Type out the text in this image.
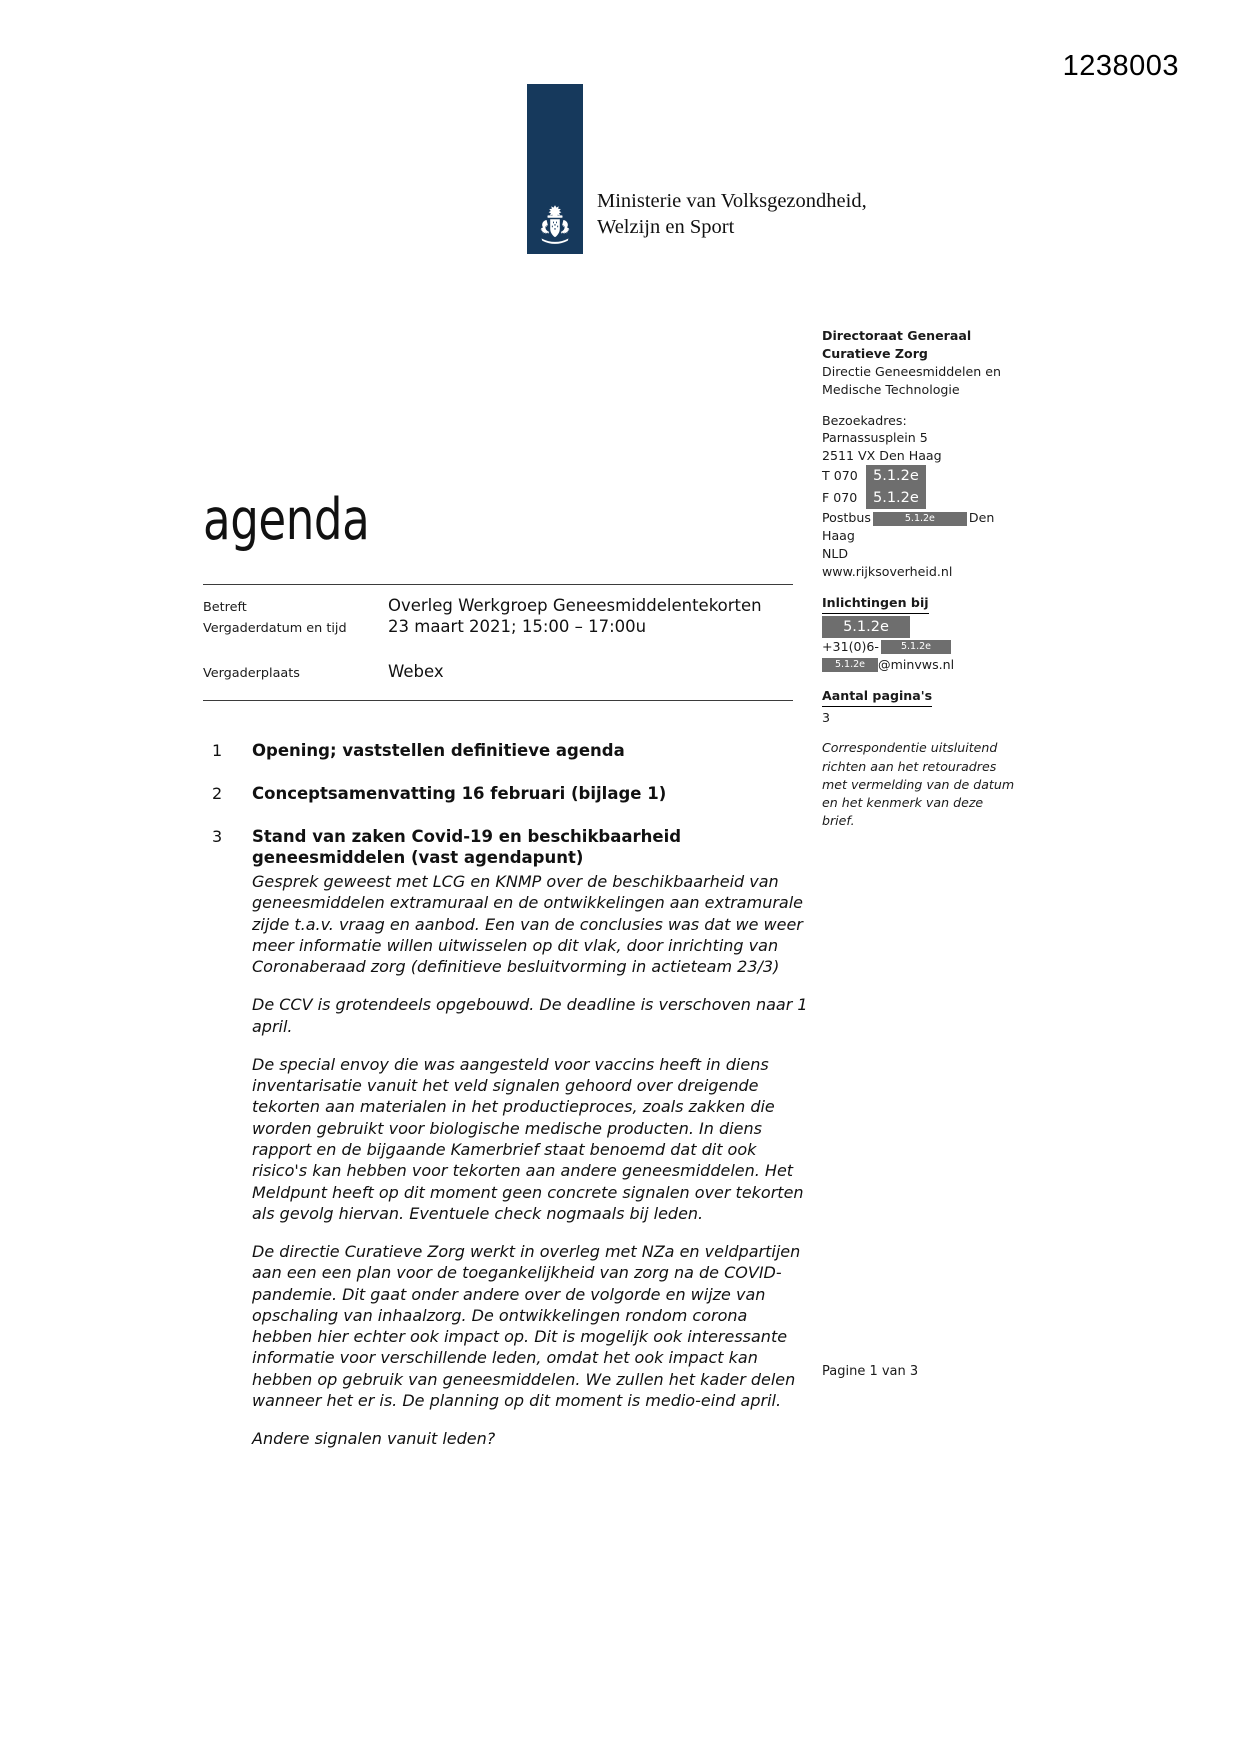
1238003
Ministerie van Volksgezondheid,
Welzijn en Sport
Directoraat Generaal
Curatieve Zorg
Directie Geneesmiddelen en
Medische Technologie
Bezoekadres:
Parnassusplein 5
2511 VX Den Haag
T 070 5.1.2e
F 070 5.1.2e
Postbus	5.1.2e	Den
Haag
NLD
www.rijksoverheid.nl
Inlichtingen bij
5.1.2e
+31(0)6- 5.1.2e
5.1.2e @minvws.nl
Aantal pagina's
3
Correspondentie uitsluitend
richten aan het retouradres
met vermelding van de datum
en het kenmerk van deze
brief.
agenda
Betreft	Overleg Werkgroep Geneesmiddelentekorten
Vergaderdatum en tijd	23 maart 2021; 15:00 – 17:00u
Vergaderplaats	Webex
1	Opening; vaststellen definitieve agenda
2	Conceptsamenvatting 16 februari (bijlage 1)
3	Stand van zaken Covid-19 en beschikbaarheid
geneesmiddelen (vast agendapunt)
Gesprek geweest met LCG en KNMP over de beschikbaarheid van geneesmiddelen extramuraal en de ontwikkelingen aan extramurale zijde t.a.v. vraag en aanbod. Een van de conclusies was dat we weer meer informatie willen uitwisselen op dit vlak, door inrichting van Coronaberaad zorg (definitieve besluitvorming in actieteam 23/3)
De CCV is grotendeels opgebouwd. De deadline is verschoven naar 1 april.
De special envoy die was aangesteld voor vaccins heeft in diens inventarisatie vanuit het veld signalen gehoord over dreigende tekorten aan materialen in het productieproces, zoals zakken die worden gebruikt voor biologische medische producten. In diens rapport en de bijgaande Kamerbrief staat benoemd dat dit ook risico's kan hebben voor tekorten aan andere geneesmiddelen. Het Meldpunt heeft op dit moment geen concrete signalen over tekorten als gevolg hiervan. Eventuele check nogmaals bij leden.
De directie Curatieve Zorg werkt in overleg met NZa en veldpartijen aan een een plan voor de toegankelijkheid van zorg na de COVID-pandemie. Dit gaat onder andere over de volgorde en wijze van opschaling van inhaalzorg. De ontwikkelingen rondom corona hebben hier echter ook impact op. Dit is mogelijk ook interessante informatie voor verschillende leden, omdat het ook impact kan hebben op gebruik van geneesmiddelen. We zullen het kader delen wanneer het er is. De planning op dit moment is medio-eind april.
Andere signalen vanuit leden?
Pagine 1 van 3
